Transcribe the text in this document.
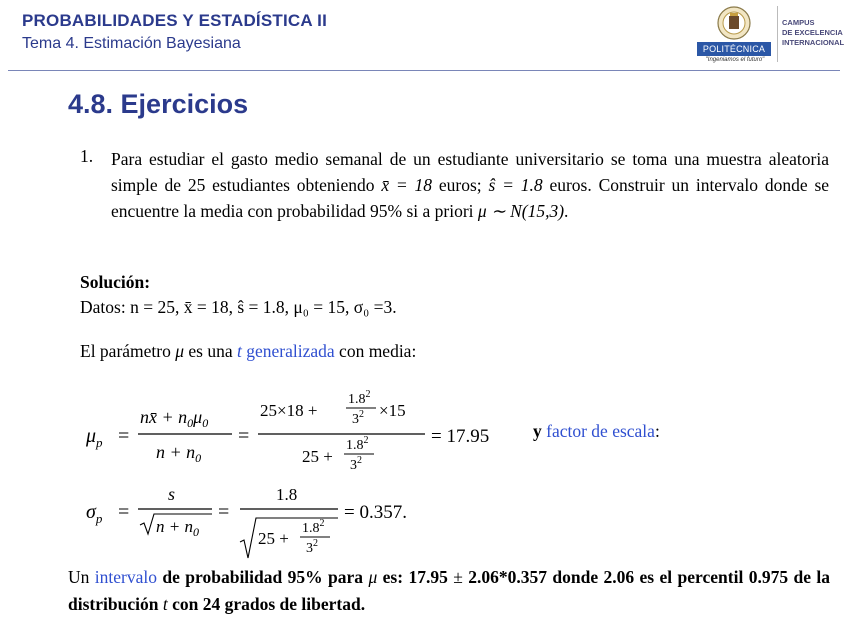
PROBABILIDADES Y ESTADÍSTICA II
Tema 4. Estimación Bayesiana	POLITÉCNICA
"Ingeniamos el futuro"
CAMPUS
DE EXCELENCIA
INTERNACIONAL
4.8. Ejercicios
1. Para estudiar el gasto medio semanal de un estudiante universitario se toma una muestra aleatoria simple de 25 estudiantes obteniendo x̄ = 18 euros; ŝ = 1.8 euros. Construir un intervalo donde se encuentre la media con probabilidad 95% si a priori μ ∼ N(15,3).
Solución:
Datos: n = 25, x̄ = 18, ŝ = 1.8, μ₀ = 15, σ₀ =3.
El parámetro μ es una t generalizada con media:
$\mu_p$ =
nx̄ + $n_0\mu_0$
$n + n_0$
=
25×18 +
$1.8^2$
$3^2 \times 15$
25 +
$1.8^2$
$3^2$
= 17.95	y factor de escala:
$\sigma_p$ =
s
$n + n_0$
=
1.8
25 +
$1.8^2$
$3^2$
= 0.357.
Un intervalo de probabilidad 95% para μ es: 17.95 ± 2.06*0.357 donde 2.06 es el percentil 0.975 de la distribución t con 24 grados de libertad.
